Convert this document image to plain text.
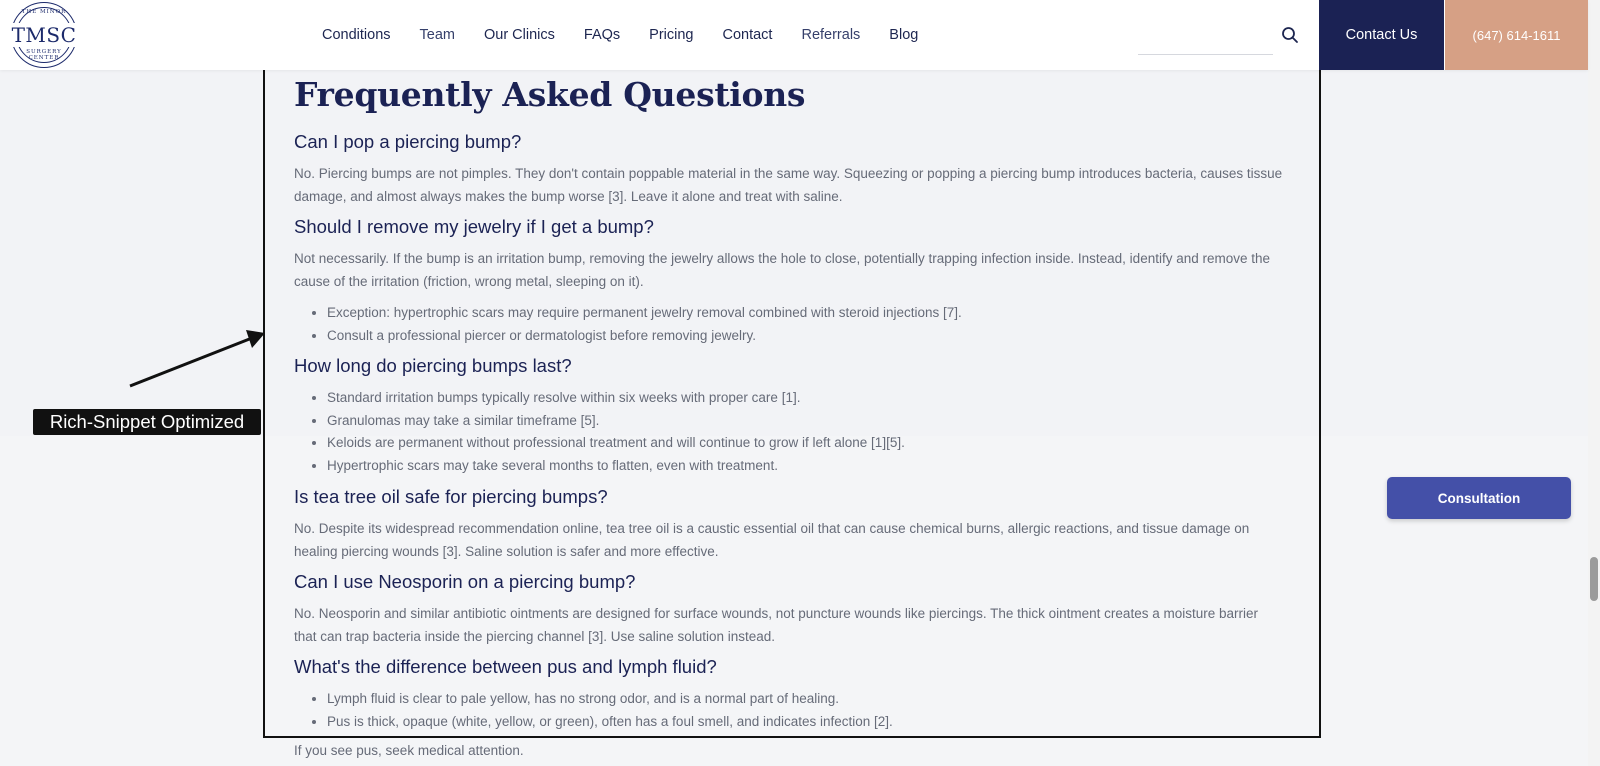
THE MINOR
TMSC
SURGERY CENTER
Conditions Team Our Clinics FAQs Pricing Contact Referrals Blog	Contact Us	(647) 614-1611
Frequently Asked Questions
Can I pop a piercing bump?

No. Piercing bumps are not pimples. They don't contain poppable material in the same way. Squeezing or popping a piercing bump introduces bacteria, causes tissue damage, and almost always makes the bump worse [3]. Leave it alone and treat with saline.

Should I remove my jewelry if I get a bump?

Not necessarily. If the bump is an irritation bump, removing the jewelry allows the hole to close, potentially trapping infection inside. Instead, identify and remove the cause of the irritation (friction, wrong metal, sleeping on it).

• Exception: hypertrophic scars may require permanent jewelry removal combined with steroid injections [7].
• Consult a professional piercer or dermatologist before removing jewelry.
How long do piercing bumps last?
• Standard irritation bumps typically resolve within six weeks with proper care [1].
• Granulomas may take a similar timeframe [5].
• Keloids are permanent without professional treatment and will continue to grow if left alone [1][5].
• Hypertrophic scars may take several months to flatten, even with treatment.
Is tea tree oil safe for piercing bumps?

No. Despite its widespread recommendation online, tea tree oil is a caustic essential oil that can cause chemical burns, allergic reactions, and tissue damage on healing piercing wounds [3]. Saline solution is safer and more effective.

Can I use Neosporin on a piercing bump?

No. Neosporin and similar antibiotic ointments are designed for surface wounds, not puncture wounds like piercings. The thick ointment creates a moisture barrier that can trap bacteria inside the piercing channel [3]. Use saline solution instead.

What's the difference between pus and lymph fluid?
• Lymph fluid is clear to pale yellow, has no strong odor, and is a normal part of healing.
• Pus is thick, opaque (white, yellow, or green), often has a foul smell, and indicates infection [2].

If you see pus, seek medical attention.

Rich-Snippet Optimized
Consultation
